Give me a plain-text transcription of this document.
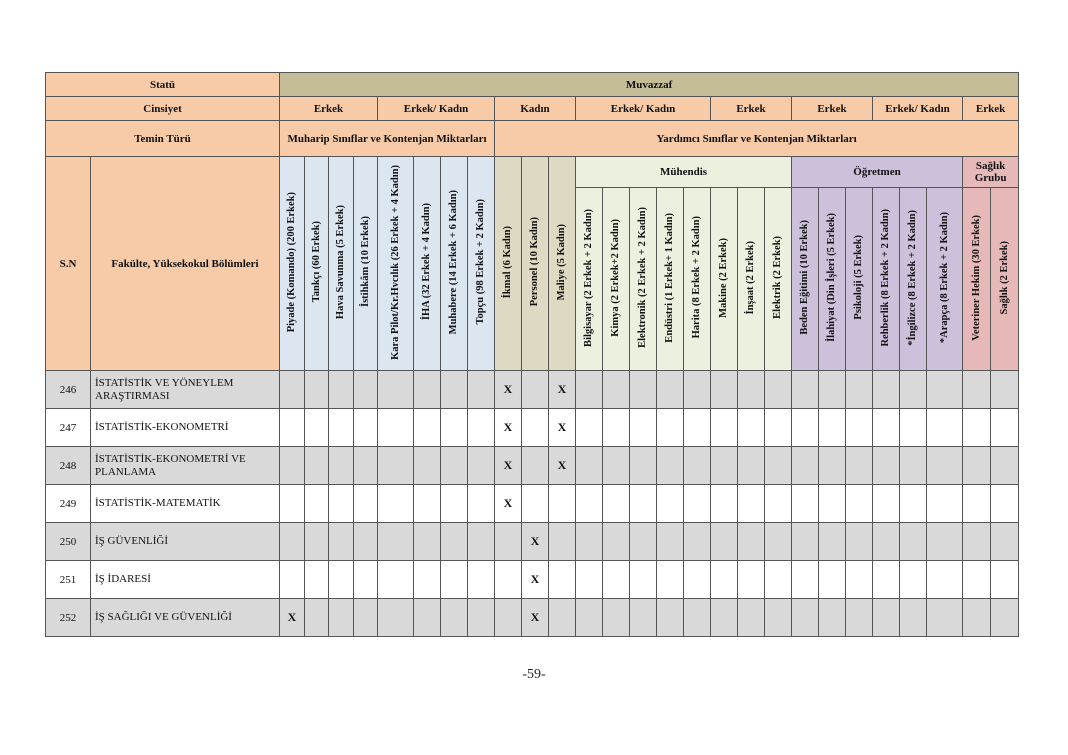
Statü		Muvazzaf																										
Cinsiyet		Erkek				Erkek/ Kadın				Kadın			Erkek/ Kadın					Erkek			Erkek			Erkek/ Kadın			Erkek	
Temin Türü		Muharip Sınıflar ve Kontenjan Miktarları								Yardımcı Sınıflar ve Kontenjan Miktarları																		
S.N	Fakülte, Yüksekokul Bölümleri	Piyade (Komando) (200 Erkek)	Tankçı (60 Erkek)	Hava Savunma (5 Erkek)	İstihkâm (10 Erkek)	Kara Pilot/Kr.Hvcılık (26 Erkek + 4 Kadın)	İHA (32 Erkek + 4 Kadın)	Muhabere (14 Erkek + 6 Kadın)	Topçu (98 Erkek + 2 Kadın)	İkmal (6 Kadın)	Personel (10 Kadın)	Maliye (5 Kadın)	Mühendis								Öğretmen						Sağlık Grubu	
													Bilgisayar (2 Erkek + 2 Kadın)	Kimya (2 Erkek+2 Kadın)	Elektronik (2 Erkek + 2 Kadın)	Endüstri (1 Erkek+ 1 Kadın)	Harita (8 Erkek + 2 Kadın)	Makine (2 Erkek)	İnşaat (2 Erkek)	Elektrik (2 Erkek)	Beden Eğitimi (10 Erkek)	İlahiyat (Din İşleri (5 Erkek)	Psikoloji (5 Erkek)	Rehberlik (8 Erkek + 2 Kadın)	*İngilizce (8 Erkek + 2 Kadın)	*Arapça (8 Erkek + 2 Kadın)	Veteriner Hekim (30 Erkek)	Sağlık (2 Erkek)
246	İSTATİSTİK VE YÖNEYLEM ARAŞTIRMASI									X		X																
247	İSTATİSTİK-EKONOMETRİ									X		X																
248	İSTATİSTİK-EKONOMETRİ VE PLANLAMA									X		X																
249	İSTATİSTİK-MATEMATİK									X																		
250	İŞ GÜVENLİĞİ										X																	
251	İŞ İDARESİ										X																	
252	İŞ SAĞLIĞI VE GÜVENLİĞİ	X									X																	
-59-
